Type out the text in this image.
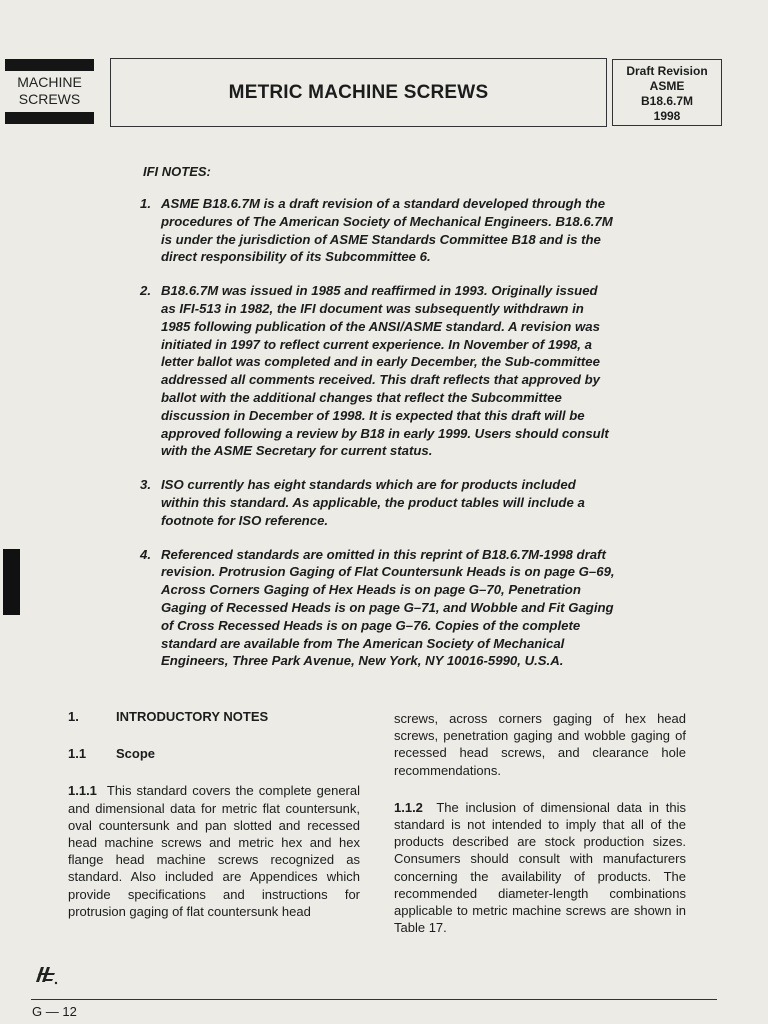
MACHINE
SCREWS	METRIC MACHINE SCREWS
Draft Revision
ASME
B18.6.7M
1998
IFI NOTES:
1. ASME B18.6.7M is a draft revision of a standard developed through the procedures of The American Society of Mechanical Engineers. B18.6.7M is under the jurisdiction of ASME Standards Committee B18 and is the direct responsibility of its Subcommittee 6.
2. B18.6.7M was issued in 1985 and reaffirmed in 1993. Originally issued as IFI-513 in 1982, the IFI document was subsequently withdrawn in 1985 following publication of the ANSI/ASME standard. A revision was initiated in 1997 to reflect current experience. In November of 1998, a letter ballot was completed and in early December, the Sub-committee addressed all comments received. This draft reflects that approved by ballot with the additional changes that reflect the Subcommittee discussion in December of 1998. It is expected that this draft will be approved following a review by B18 in early 1999. Users should consult with the ASME Secretary for current status.
3. ISO currently has eight standards which are for products included within this standard. As applicable, the product tables will include a footnote for ISO reference.
4. Referenced standards are omitted in this reprint of B18.6.7M-1998 draft revision. Protrusion Gaging of Flat Countersunk Heads is on page G–69, Across Corners Gaging of Hex Heads is on page G–70, Penetration Gaging of Recessed Heads is on page G–71, and Wobble and Fit Gaging of Cross Recessed Heads is on page G–76. Copies of the complete standard are available from The American Society of Mechanical Engineers, Three Park Avenue, New York, NY 10016-5990, U.S.A.
1.	INTRODUCTORY NOTES
1.1	Scope

1.1.1 This standard covers the complete general and dimensional data for metric flat countersunk, oval countersunk and pan slotted and recessed head machine screws and metric hex and hex flange head machine screws recognized as standard. Also included are Appendices which provide specifications and instructions for protrusion gaging of flat countersunk head

screws, across corners gaging of hex head screws, penetration gaging and wobble gaging of recessed head screws, and clearance hole recommendations.

1.1.2 The inclusion of dimensional data in this standard is not intended to imply that all of the products described are stock production sizes. Consumers should consult with manufacturers concerning the availability of products. The recommended diameter-length combinations applicable to metric machine screws are shown in Table 17.

G — 12
